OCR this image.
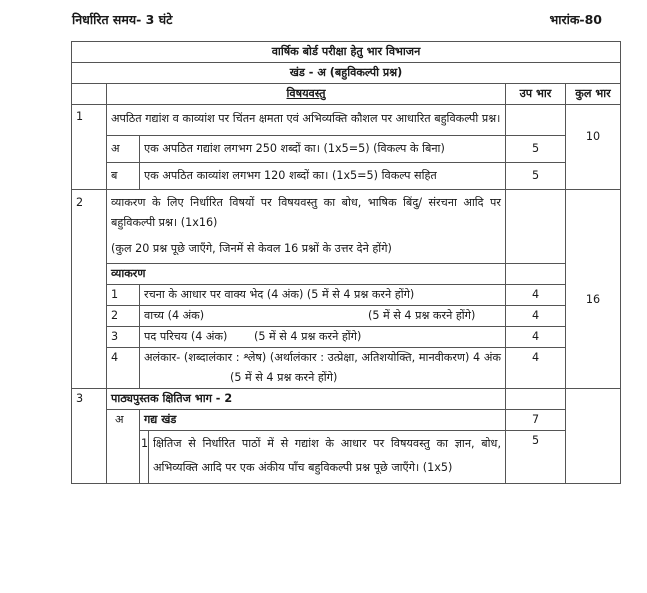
निर्धारित समय- 3 घंटे	भारांक-80
वार्षिक बोर्ड परीक्षा हेतु भार विभाजन					
खंड - अ (बहुविकल्पी प्रश्न)					
	विषयवस्तु			उप भार	कुल भार
1	अपठित गद्यांश व काव्यांश पर चिंतन क्षमता एवं अभिव्यक्ति कौशल पर आधारित बहुविकल्पी प्रश्न।				10
	अ	एक अपठित गद्यांश लगभग 250 शब्दों का। (1x5=5) (विकल्प के बिना)		5	
	ब	एक अपठित काव्यांश लगभग 120 शब्दों का। (1x5=5) विकल्प सहित		5	
2	व्याकरण के लिए निर्धारित विषयों पर विषयवस्तु का बोध, भाषिक बिंदु/ संरचना आदि पर बहुविकल्पी प्रश्न। (1x16)
(कुल 20 प्रश्न पूछे जाएँगे, जिनमें से केवल 16 प्रश्नों के उत्तर देने होंगे)				16
	व्याकरण				
	1	रचना के आधार पर वाक्य भेद (4 अंक) (5 में से 4 प्रश्न करने होंगे)		4	
	2	वाच्य (4 अंक) (5 में से 4 प्रश्न करने होंगे)		4	
	3	पद परिचय (4 अंक) (5 में से 4 प्रश्न करने होंगे)		4	
	4	अलंकार- (शब्दालंकार : श्लेष) (अर्थालंकार : उत्प्रेक्षा, अतिशयोक्ति, मानवीकरण) 4 अंक (5 में से 4 प्रश्न करने होंगे)		4	
3	पाठ्यपुस्तक क्षितिज भाग - 2				
	अ	गद्य खंड		7	
		1	क्षितिज से निर्धारित पाठों में से गद्यांश के आधार पर विषयवस्तु का ज्ञान, बोध, अभिव्यक्ति आदि पर एक अंकीय पाँच बहुविकल्पी प्रश्न पूछे जाएँगे। (1x5)	5	
